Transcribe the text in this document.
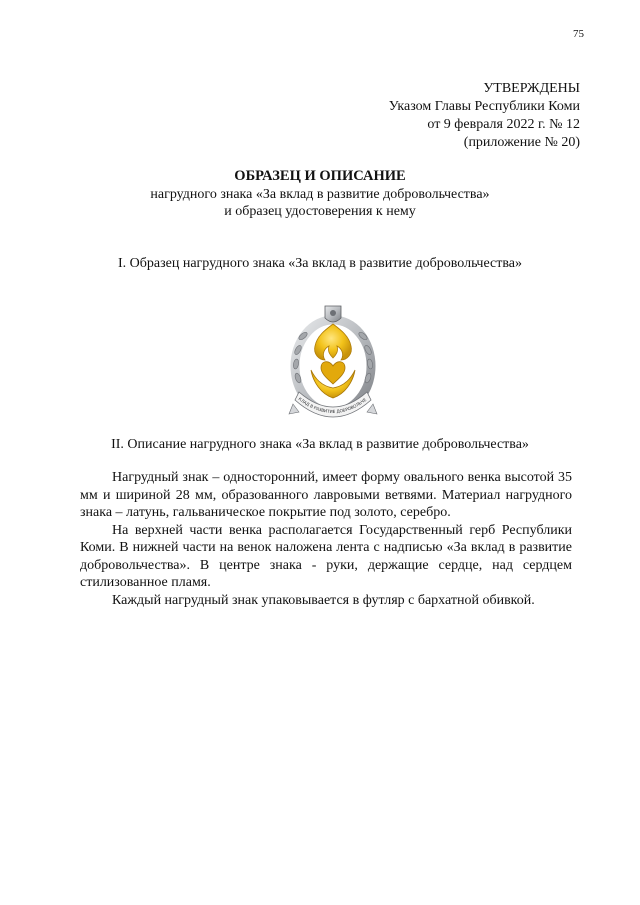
75
УТВЕРЖДЕНЫ
Указом Главы Республики Коми
от 9 февраля 2022 г. № 12
(приложение № 20)
ОБРАЗЕЦ И ОПИСАНИЕ
нагрудного знака «За вклад в развитие добровольчества»
и образец удостоверения к нему
I. Образец нагрудного знака «За вклад в развитие добровольчества»
КЛАД В РАЗВИТИЕ ДОБРОВОЛЬЧЕ
II. Описание нагрудного знака «За вклад в развитие добровольчества»

Нагрудный знак – односторонний, имеет форму овального венка высотой 35 мм и шириной 28 мм, образованного лавровыми ветвями. Материал нагрудного знака – латунь, гальваническое покрытие под золото, серебро.

На верхней части венка располагается Государственный герб Республики Коми. В нижней части на венок наложена лента с надписью «За вклад в развитие добровольчества». В центре знака - руки, держащие сердце, над сердцем стилизованное пламя.

Каждый нагрудный знак упаковывается в футляр с бархатной обивкой.
